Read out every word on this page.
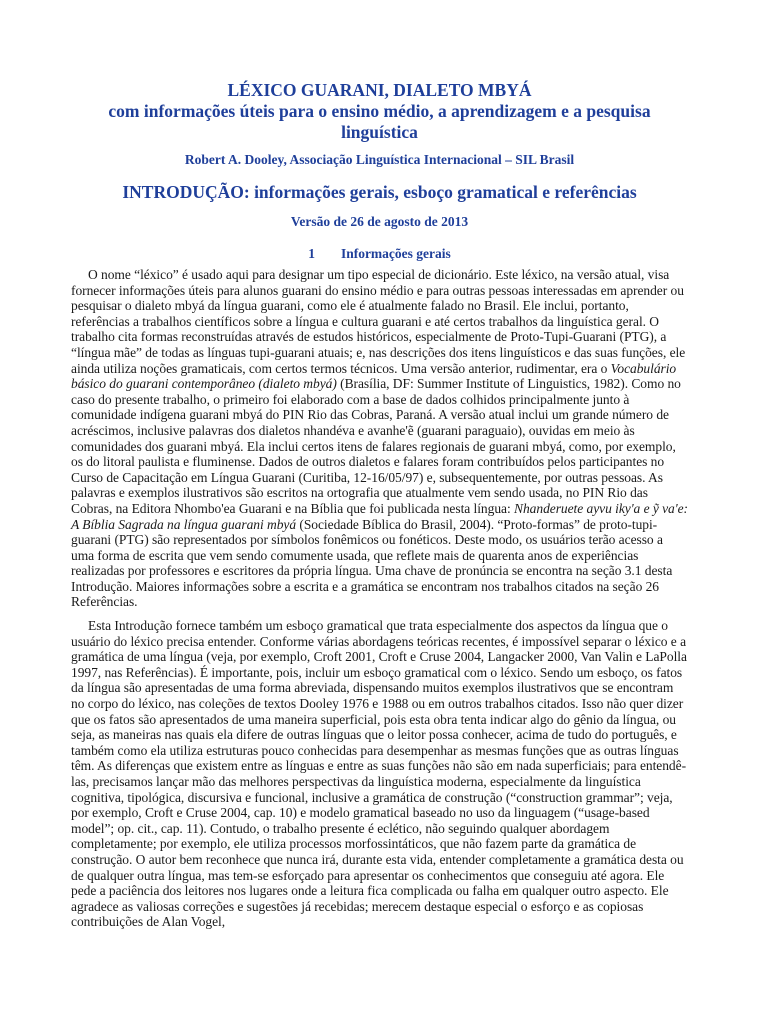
LÉXICO GUARANI, DIALETO MBYÁ
com informações úteis para o ensino médio, a aprendizagem e a pesquisa linguística
Robert A. Dooley, Associação Linguística Internacional – SIL Brasil
INTRODUÇÃO: informações gerais, esboço gramatical e referências
Versão de 26 de agosto de 2013
1 Informações gerais

O nome “léxico” é usado aqui para designar um tipo especial de dicionário. Este léxico, na versão atual, visa fornecer informações úteis para alunos guarani do ensino médio e para outras pessoas interessadas em aprender ou pesquisar o dialeto mbyá da língua guarani, como ele é atualmente falado no Brasil. Ele inclui, portanto, referências a trabalhos científicos sobre a língua e cultura guarani e até certos trabalhos da linguística geral. O trabalho cita formas reconstruídas através de estudos históricos, especialmente de Proto-Tupi-Guarani (PTG), a “língua mãe” de todas as línguas tupi-guarani atuais; e, nas descrições dos itens linguísticos e das suas funções, ele ainda utiliza noções gramaticais, com certos termos técnicos. Uma versão anterior, rudimentar, era o Vocabulário básico do guarani contemporâneo (dialeto mbyá) (Brasília, DF: Summer Institute of Linguistics, 1982). Como no caso do presente trabalho, o primeiro foi elaborado com a base de dados colhidos principalmente junto à comunidade indígena guarani mbyá do PIN Rio das Cobras, Paraná. A versão atual inclui um grande número de acréscimos, inclusive palavras dos dialetos nhandéva e avanhe'ẽ (guarani paraguaio), ouvidas em meio às comunidades dos guarani mbyá. Ela inclui certos itens de falares regionais de guarani mbyá, como, por exemplo, os do litoral paulista e fluminense. Dados de outros dialetos e falares foram contribuídos pelos participantes no Curso de Capacitação em Língua Guarani (Curitiba, 12-16/05/97) e, subsequentemente, por outras pessoas. As palavras e exemplos ilustrativos são escritos na ortografia que atualmente vem sendo usada, no PIN Rio das Cobras, na Editora Nhombo'ea Guarani e na Bíblia que foi publicada nesta língua: Nhanderuete ayvu iky'a e ỹ va'e: A Bíblia Sagrada na língua guarani mbyá (Sociedade Bíblica do Brasil, 2004). “Proto-formas” de proto-tupi-guarani (PTG) são representados por símbolos fonêmicos ou fonéticos. Deste modo, os usuários terão acesso a uma forma de escrita que vem sendo comumente usada, que reflete mais de quarenta anos de experiências realizadas por professores e escritores da própria língua. Uma chave de pronúncia se encontra na seção 3.1 desta Introdução. Maiores informações sobre a escrita e a gramática se encontram nos trabalhos citados na seção 26 Referências.

Esta Introdução fornece também um esboço gramatical que trata especialmente dos aspectos da língua que o usuário do léxico precisa entender. Conforme várias abordagens teóricas recentes, é impossível separar o léxico e a gramática de uma língua (veja, por exemplo, Croft 2001, Croft e Cruse 2004, Langacker 2000, Van Valin e LaPolla 1997, nas Referências). É importante, pois, incluir um esboço gramatical com o léxico. Sendo um esboço, os fatos da língua são apresentadas de uma forma abreviada, dispensando muitos exemplos ilustrativos que se encontram no corpo do léxico, nas coleções de textos Dooley 1976 e 1988 ou em outros trabalhos citados. Isso não quer dizer que os fatos são apresentados de uma maneira superficial, pois esta obra tenta indicar algo do gênio da língua, ou seja, as maneiras nas quais ela difere de outras línguas que o leitor possa conhecer, acima de tudo do português, e também como ela utiliza estruturas pouco conhecidas para desempenhar as mesmas funções que as outras línguas têm. As diferenças que existem entre as línguas e entre as suas funções não são em nada superficiais; para entendê-las, precisamos lançar mão das melhores perspectivas da linguística moderna, especialmente da linguística cognitiva, tipológica, discursiva e funcional, inclusive a gramática de construção (“construction grammar”; veja, por exemplo, Croft e Cruse 2004, cap. 10) e modelo gramatical baseado no uso da linguagem (“usage-based model”; op. cit., cap. 11). Contudo, o trabalho presente é eclético, não seguindo qualquer abordagem completamente; por exemplo, ele utiliza processos morfossintáticos, que não fazem parte da gramática de construção. O autor bem reconhece que nunca irá, durante esta vida, entender completamente a gramática desta ou de qualquer outra língua, mas tem-se esforçado para apresentar os conhecimentos que conseguiu até agora. Ele pede a paciência dos leitores nos lugares onde a leitura fica complicada ou falha em qualquer outro aspecto. Ele agradece as valiosas correções e sugestões já recebidas; merecem destaque especial o esforço e as copiosas contribuições de Alan Vogel,
